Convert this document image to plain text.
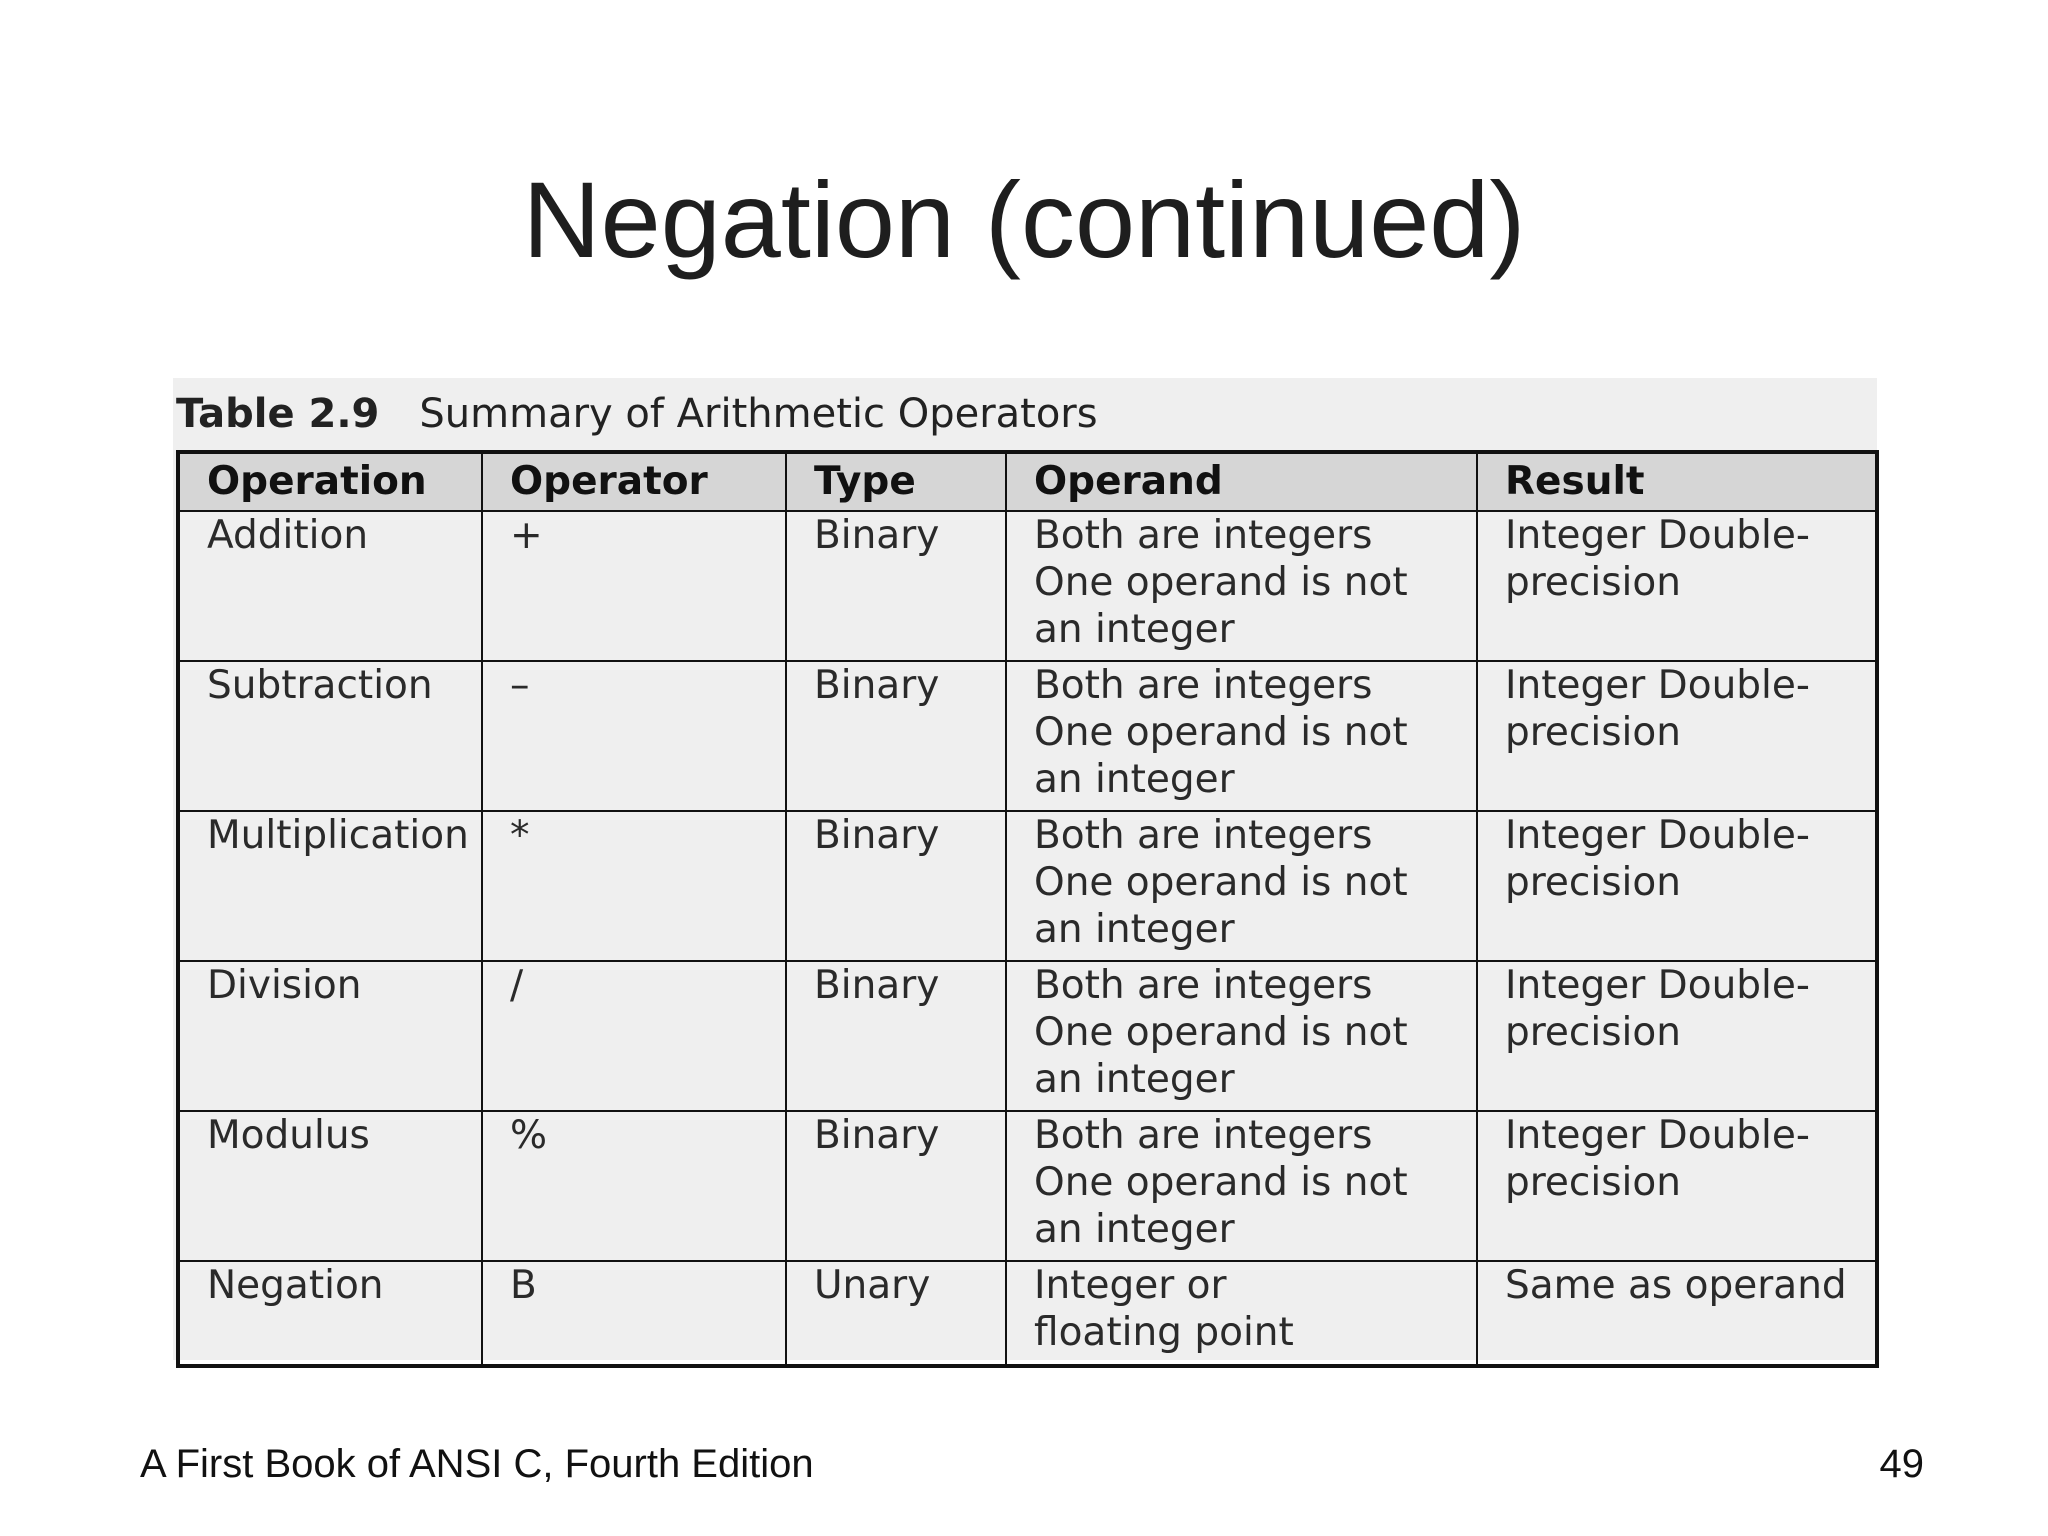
Negation (continued)
Table 2.9 Summary of Arithmetic Operators
Operation	Operator	Type	Operand	Result
Addition	+	Binary	Both are integers
One operand is not
an integer	Integer Double-
precision

Subtraction	–	Binary	Both are integers
One operand is not
an integer	Integer Double-
precision

Multiplication	*	Binary	Both are integers
One operand is not
an integer	Integer Double-
precision

Division	/	Binary	Both are integers
One operand is not
an integer	Integer Double-
precision

Modulus	%	Binary	Both are integers
One operand is not
an integer	Integer Double-
precision

Negation	B	Unary	Integer or
floating point	Same as operand
A First Book of ANSI C, Fourth Edition	49
